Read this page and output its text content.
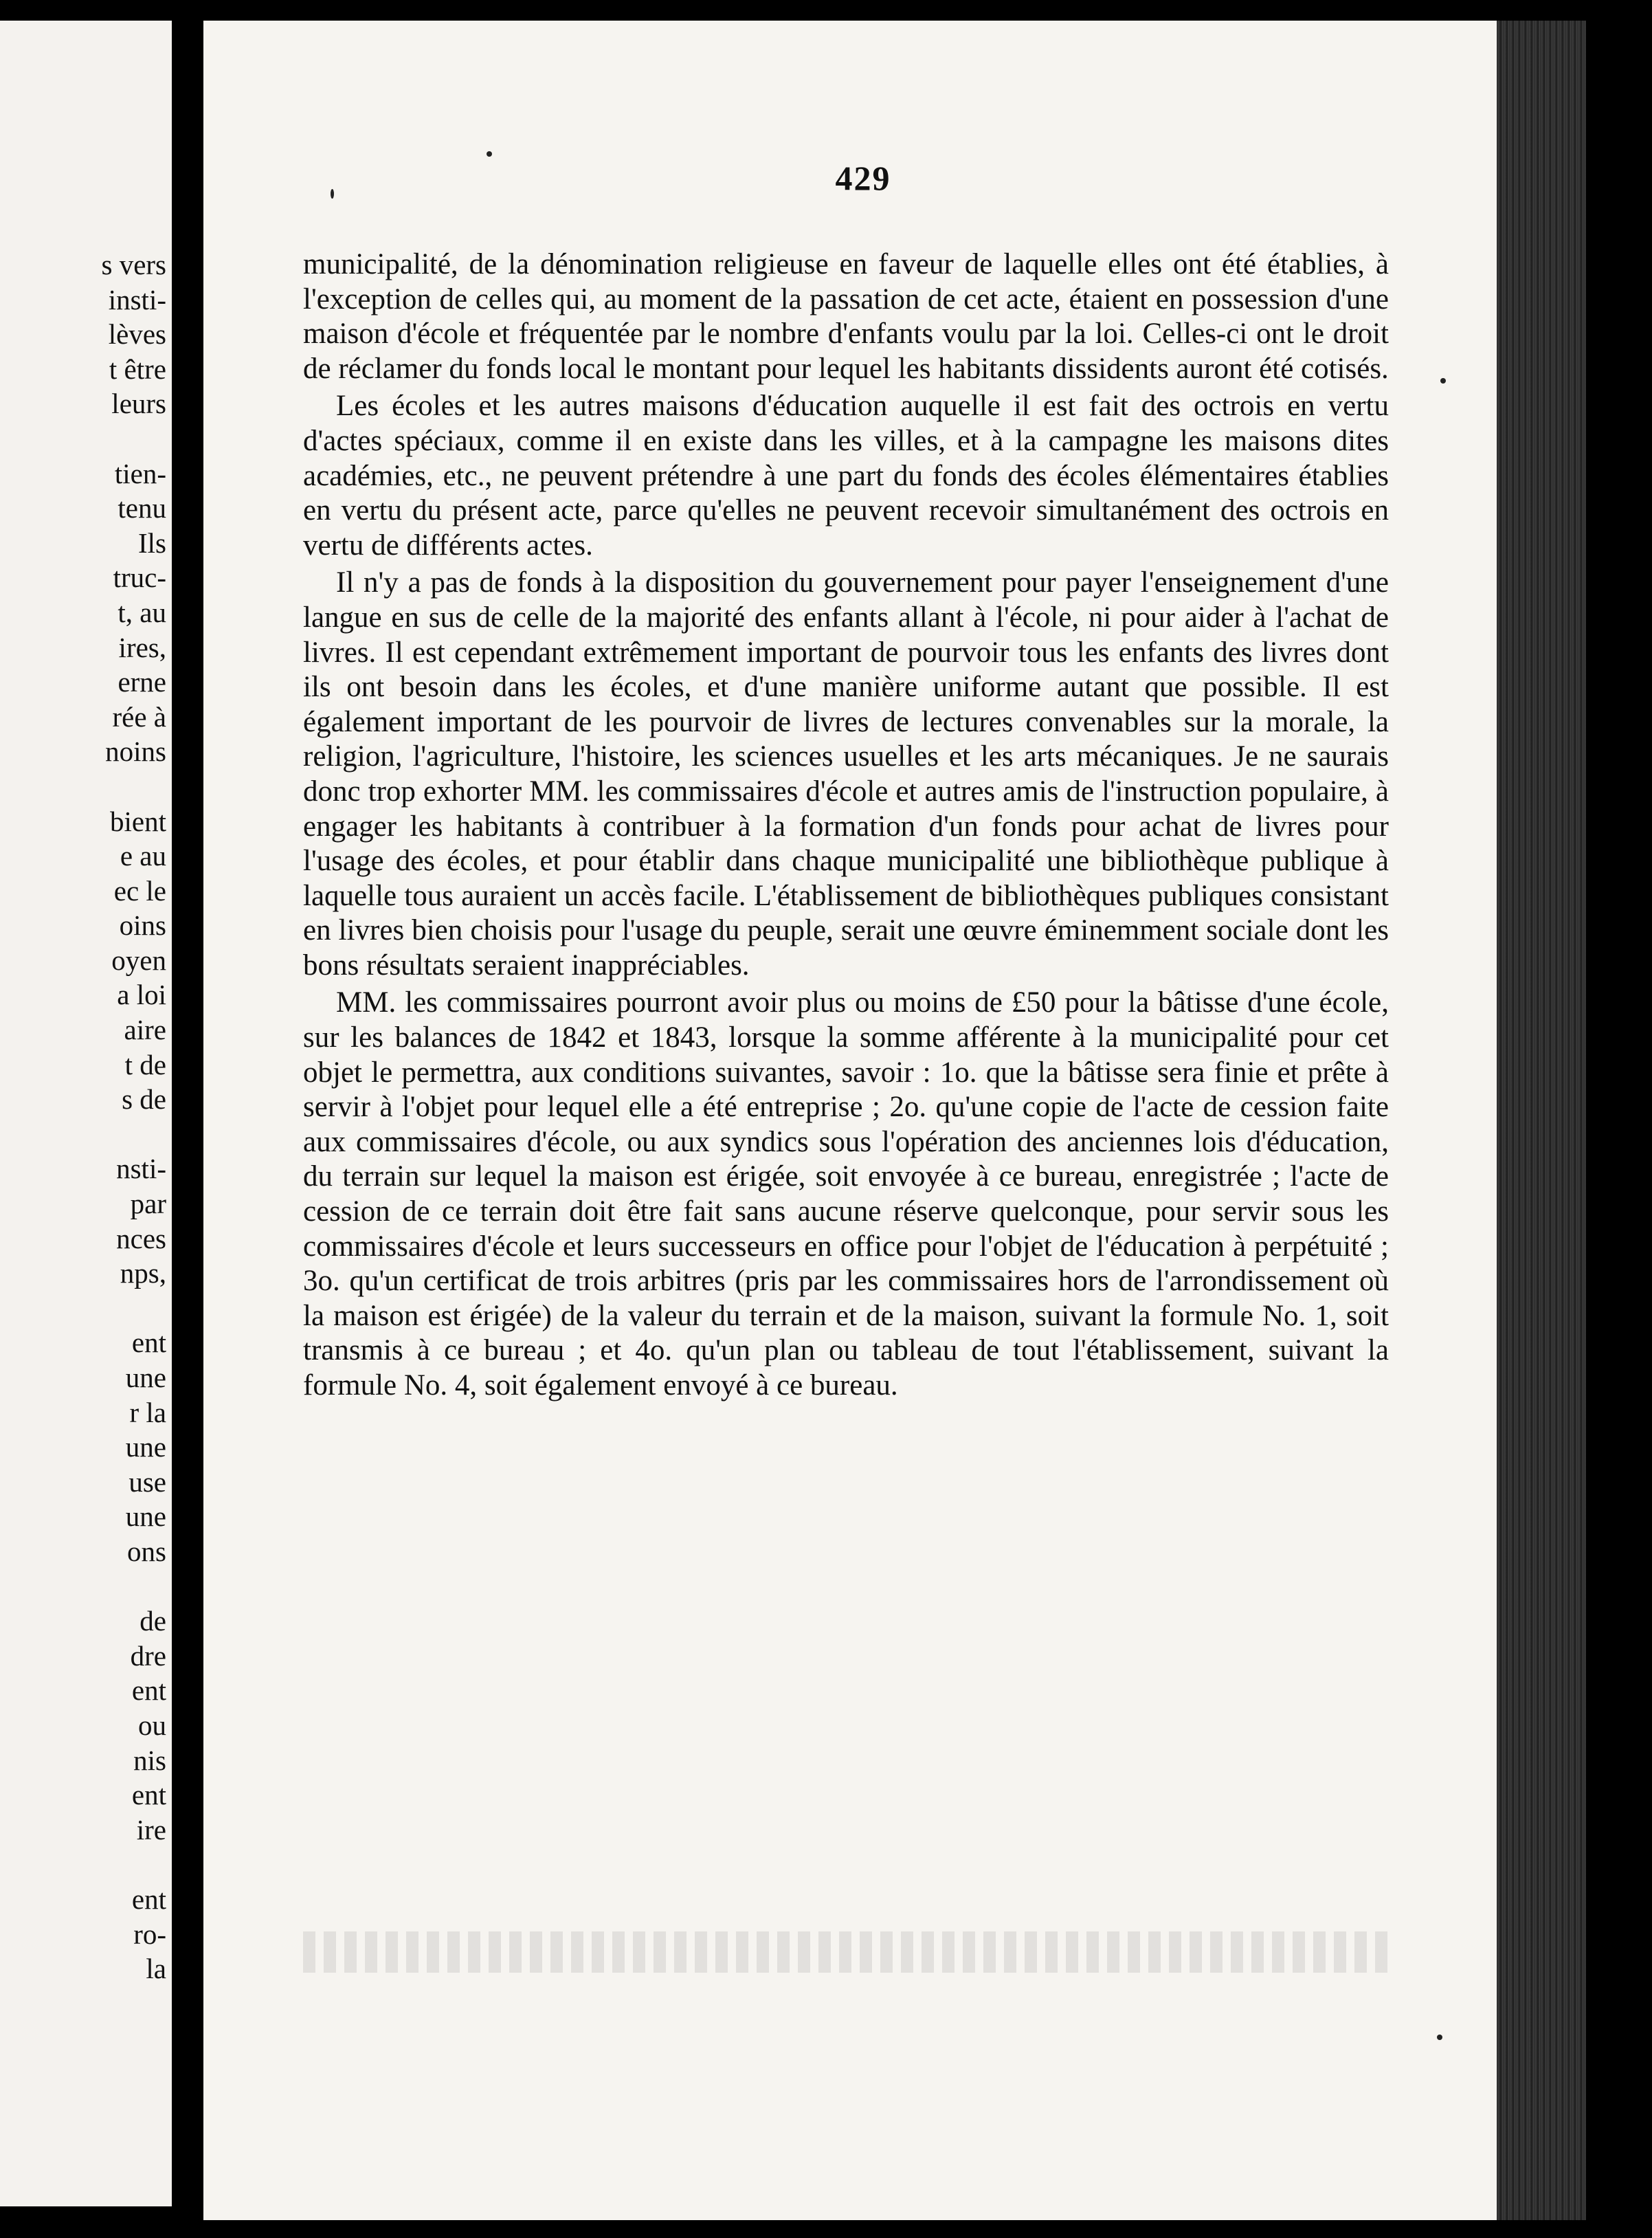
s vers
insti-
lèves
t être
leurs
tien-
tenu
Ils
truc-
t, au
ires,
erne
rée à
noins
bient
e au
ec le
oins
oyen
a loi
aire
t de
s de
nsti-
par
nces
nps,
ent
une
r la
une
use
une
ons
de
dre
ent
ou
nis
ent
ire
ent
ro-
la
429

municipalité, de la dénomination religieuse en faveur de laquelle elles ont été établies, à l'exception de celles qui, au moment de la passation de cet acte, étaient en possession d'une maison d'école et fréquentée par le nombre d'enfants voulu par la loi. Celles-ci ont le droit de réclamer du fonds local le montant pour lequel les habitants dissidents auront été cotisés.

Les écoles et les autres maisons d'éducation auquelle il est fait des octrois en vertu d'actes spéciaux, comme il en existe dans les villes, et à la campagne les maisons dites académies, etc., ne peuvent prétendre à une part du fonds des écoles élémentaires établies en vertu du présent acte, parce qu'elles ne peuvent recevoir simultanément des octrois en vertu de différents actes.

Il n'y a pas de fonds à la disposition du gouvernement pour payer l'enseignement d'une langue en sus de celle de la majorité des enfants allant à l'école, ni pour aider à l'achat de livres. Il est cependant extrêmement important de pourvoir tous les enfants des livres dont ils ont besoin dans les écoles, et d'une manière uniforme autant que possible. Il est également important de les pourvoir de livres de lectures convenables sur la morale, la religion, l'agriculture, l'histoire, les sciences usuelles et les arts mécaniques. Je ne saurais donc trop exhorter MM. les commissaires d'école et autres amis de l'instruction populaire, à engager les habitants à contribuer à la formation d'un fonds pour achat de livres pour l'usage des écoles, et pour établir dans chaque municipalité une bibliothèque publique à laquelle tous auraient un accès facile. L'établissement de bibliothèques publiques consistant en livres bien choisis pour l'usage du peuple, serait une œuvre éminemment sociale dont les bons résultats seraient inappréciables.

MM. les commissaires pourront avoir plus ou moins de £50 pour la bâtisse d'une école, sur les balances de 1842 et 1843, lorsque la somme afférente à la municipalité pour cet objet le permettra, aux conditions suivantes, savoir : 1o. que la bâtisse sera finie et prête à servir à l'objet pour lequel elle a été entreprise ; 2o. qu'une copie de l'acte de cession faite aux commissaires d'école, ou aux syndics sous l'opération des anciennes lois d'éducation, du terrain sur lequel la maison est érigée, soit envoyée à ce bureau, enregistrée ; l'acte de cession de ce terrain doit être fait sans aucune réserve quelconque, pour servir sous les commissaires d'école et leurs successeurs en office pour l'objet de l'éducation à perpétuité ; 3o. qu'un certificat de trois arbitres (pris par les commissaires hors de l'arrondissement où la maison est érigée) de la valeur du terrain et de la maison, suivant la formule No. 1, soit transmis à ce bureau ; et 4o. qu'un plan ou tableau de tout l'établissement, suivant la formule No. 4, soit également envoyé à ce bureau.
